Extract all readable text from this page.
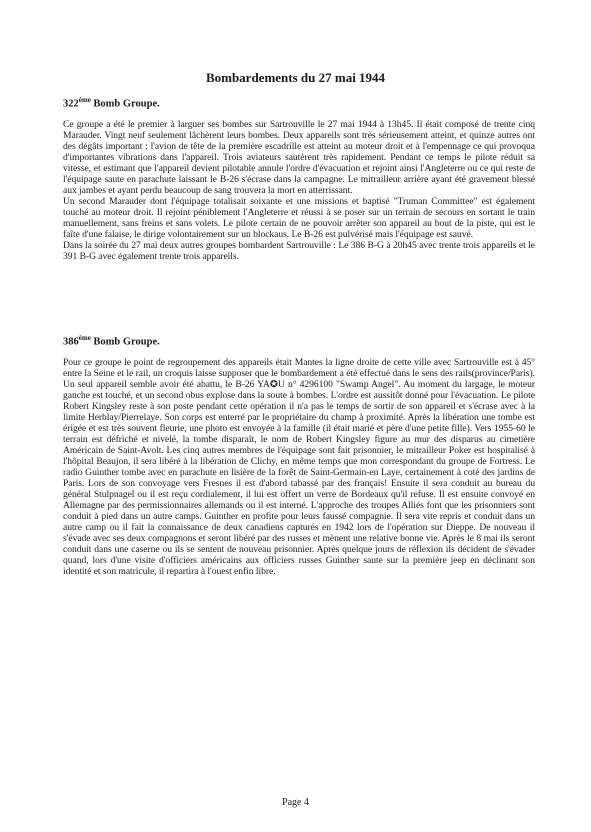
Bombardements du 27 mai 1944
322ème Bomb Groupe.

Ce groupe a été le premier à larguer ses bombes sur Sartrouville le 27 mai 1944 à 13h45. Il était composé de trente cinq Marauder. Vingt neuf seulement lâchèrent leurs bombes. Deux appareils sont très sérieusement atteint, et quinze autres ont des dégâts important : l'avion de tête de la première escadrille est atteint au moteur droit et à l'empennage ce qui provoqua d'importantes vibrations dans l'appareil. Trois aviateurs sautèrent très rapidement. Pendant ce temps le pilote réduit sa vitesse, et estimant que l'appareil devient pilotable annule l'ordre d'évacuation et rejoint ainsi l'Angleterre ou ce qui reste de l'équipage saute en parachute laissant le B-26 s'écrase dans la campagne. Le mitrailleur arrière ayant été gravement blessé aux jambes et ayant perdu beaucoup de sang trouvera la mort en atterrissant.

Un second Marauder dont l'équipage totalisait soixante et une missions et baptisé "Truman Committee" est également touché au moteur droit. Il rejoint péniblement l'Angleterre et réussi à se poser sur un terrain de secours en sortant le train manuellement, sans freins et sans volets. Le pilote certain de ne pouvoir arrêter son appareil au bout de la piste, qui est le faîte d'une falaise, le dirige volontairement sur un blockaus. Le B-26 est pulvérisé mais l'équipage est sauvé.

Dans la soirée du 27 mai deux autres groupes bombardent Sartrouville : Le 386 B-G à 20h45 avec trente trois appareils et le 391 B-G avec également trente trois appareils.

386ème Bomb Groupe.

Pour ce groupe le point de regroupement des appareils était Mantes la ligne droite de cette ville avec Sartrouville est à 45° entre la Seine et le rail, un croquis laisse supposer que le bombardement a été effectué dans le sens des rails(province/Paris). Un seul appareil semble avoir été abattu, le B-26 YA✪U n° 4296100 "Swamp Angel". Au moment du largage, le moteur gauche est touché, et un second obus explose dans la soute à bombes. L'ordre est aussitôt donné pour l'évacuation. Le pilote Robert Kingsley reste à son poste pendant cette opération il n'a pas le temps de sortir de son appareil et s'écrase avec à la limite Herblay/Pierrelaye. Son corps est enterré par le propriétaire du champ à proximité. Après la libération une tombe est érigée et est très souvent fleurie, une photo est envoyée à la famille (il était marié et père d'une petite fille). Vers 1955-60 le terrain est défriché et nivelé, la tombe disparaît, le nom de Robert Kingsley figure au mur des disparus au cimetière Américain de Saint-Avolt. Les cinq autres membres de l'équipage sont fait prisonnier, le mitrailleur Poker est hospitalisé à l'hôpital Beaujon, il sera libéré à la libération de Clichy, en même temps que mon correspondant du groupe de Fortress. Le radio Guinther tombe avec en parachute en lisière de la forêt de Saint-Germain-en Laye, certainement à coté des jardins de Paris. Lors de son convoyage vers Fresnes il est d'abord tabassé par des français! Ensuite il sera conduit au bureau du général Stulpnagel ou il est reçu cordialement, il lui est offert un verre de Bordeaux qu'il refuse. Il est ensuite convoyé en Allemagne par des permissionnaires allemands ou il est interné. L'approche des troupes Alliés font que les prisonniers sont conduit à pied dans un autre camps. Guinther en profite pour leurs faussé compagnie. Il sera vite repris et conduit dans un autre camp ou il fait la connaissance de deux canadiens capturés en 1942 lors de l'opération sur Dieppe. De nouveau il s'évade avec ses deux compagnons et seront libéré par des russes et mènent une relative bonne vie. Après le 8 mai ils seront conduit dans une caserne ou ils se sentent de nouveau prisonnier. Après quelque jours de réflexion ils décident de s'évader quand, lors d'une visite d'officiers américains aux officiers russes Guinther saute sur la première jeep en déclinant son identité et son matricule, il repartira à l'ouest enfin libre.

Page 4
